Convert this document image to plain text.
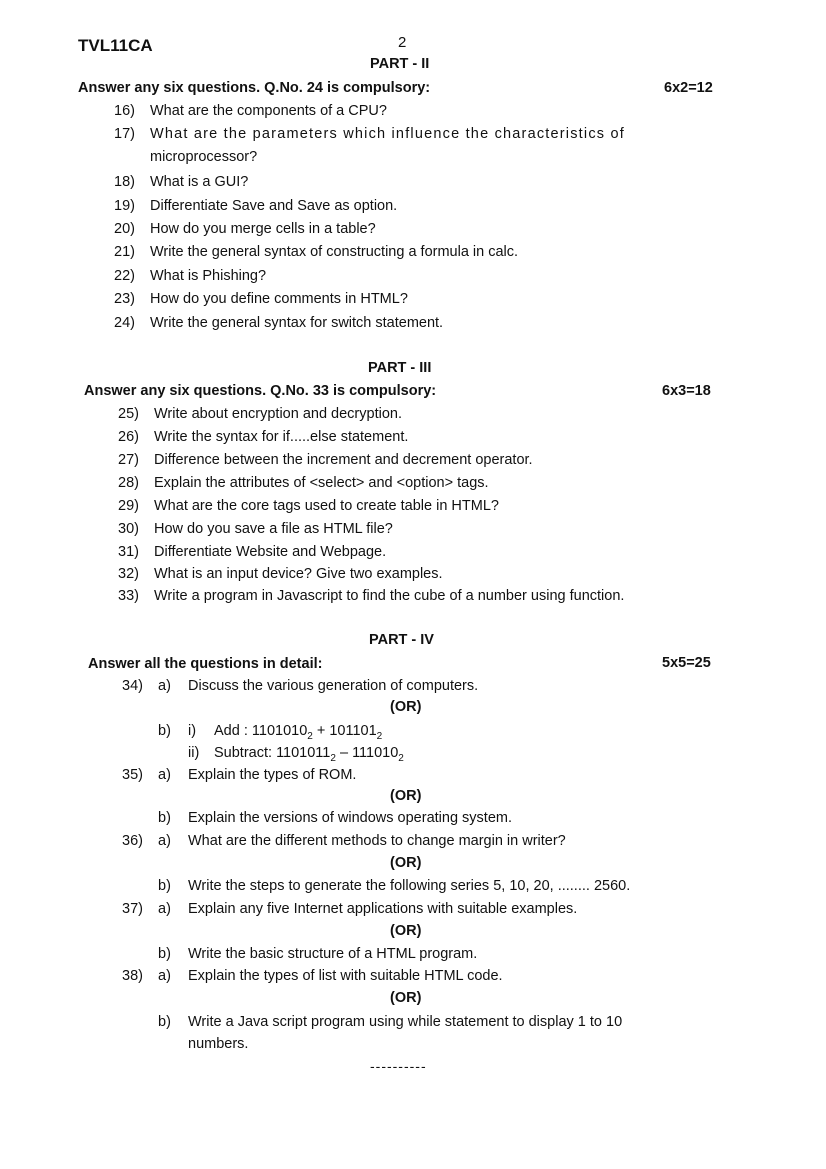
TVL11CA	2
PART - II
Answer any six questions. Q.No. 24 is compulsory:	6x2=12
16) What are the components of a CPU?
17) What are the parameters which influence the characteristics of
microprocessor?
18) What is a GUI?
19) Differentiate Save and Save as option.
20) How do you merge cells in a table?
21) Write the general syntax of constructing a formula in calc.
22) What is Phishing?
23) How do you define comments in HTML?
24) Write the general syntax for switch statement.
PART - III
Answer any six questions. Q.No. 33 is compulsory:	6x3=18
25) Write about encryption and decryption.
26) Write the syntax for if.....else statement.
27) Difference between the increment and decrement operator.
28) Explain the attributes of <select> and <option> tags.
29) What are the core tags used to create table in HTML?
30) How do you save a file as HTML file?
31) Differentiate Website and Webpage.
32) What is an input device? Give two examples.
33) Write a program in Javascript to find the cube of a number using function.
PART - IV
Answer all the questions in detail:	5x5=25
34) a) Discuss the various generation of computers.
(OR)
b) i) Add : $1101010_2 + 101101_2$
ii) Subtract: $1101011_2 - 111010_2$
35) a) Explain the types of ROM.
(OR)
b) Explain the versions of windows operating system.
36) a) What are the different methods to change margin in writer?
(OR)
b) Write the steps to generate the following series 5, 10, 20, ........ 2560.
37) a) Explain any five Internet applications with suitable examples.
(OR)
b) Write the basic structure of a HTML program.
38) a) Explain the types of list with suitable HTML code.
(OR)
b) Write a Java script program using while statement to display 1 to 10
numbers.
----------
